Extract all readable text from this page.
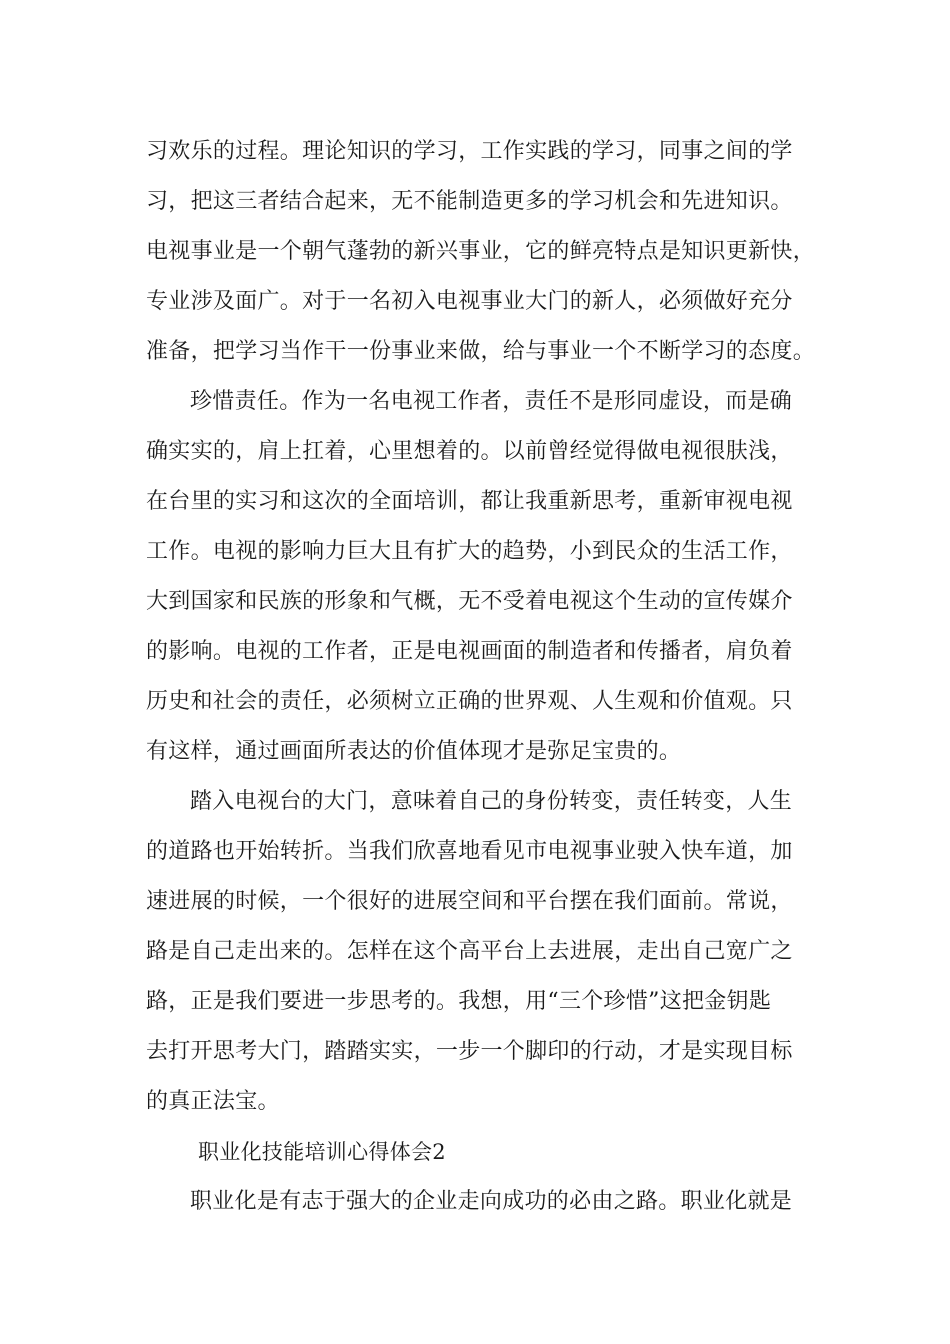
习欢乐的过程。理论知识的学习，工作实践的学习，同事之间的学
习，把这三者结合起来，无不能制造更多的学习机会和先进知识。
电视事业是一个朝气蓬勃的新兴事业，它的鲜亮特点是知识更新快，
专业涉及面广。对于一名初入电视事业大门的新人，必须做好充分
准备，把学习当作干一份事业来做，给与事业一个不断学习的态度。
珍惜责任。作为一名电视工作者，责任不是形同虚设，而是确
确实实的，肩上扛着，心里想着的。以前曾经觉得做电视很肤浅，
在台里的实习和这次的全面培训，都让我重新思考，重新审视电视
工作。电视的影响力巨大且有扩大的趋势，小到民众的生活工作，
大到国家和民族的形象和气概，无不受着电视这个生动的宣传媒介
的影响。电视的工作者，正是电视画面的制造者和传播者，肩负着
历史和社会的责任，必须树立正确的世界观、人生观和价值观。只
有这样，通过画面所表达的价值体现才是弥足宝贵的。
踏入电视台的大门，意味着自己的身份转变，责任转变，人生
的道路也开始转折。当我们欣喜地看见市电视事业驶入快车道，加
速进展的时候，一个很好的进展空间和平台摆在我们面前。常说，
路是自己走出来的。怎样在这个高平台上去进展，走出自己宽广之
路，正是我们要进一步思考的。我想，用“三个珍惜”这把金钥匙
去打开思考大门，踏踏实实，一步一个脚印的行动，才是实现目标
的真正法宝。
职业化技能培训心得体会2
职业化是有志于强大的企业走向成功的必由之路。职业化就是
